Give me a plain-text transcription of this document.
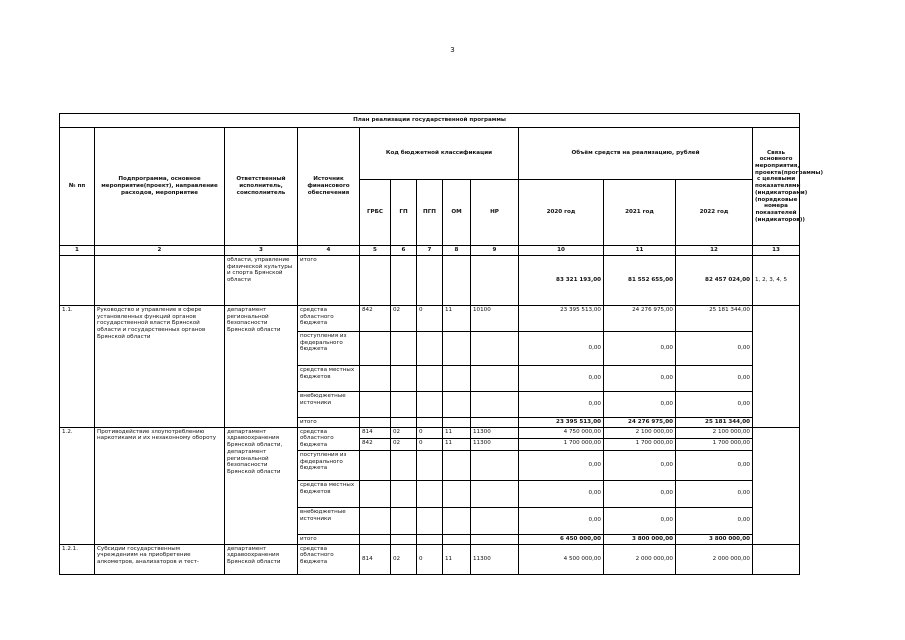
3
План реализации государственной программы												
№ пп	Подпрограмма, основное мероприятие(проект), направление расходов, мероприятие	Ответственный исполнитель, соисполнитель	Источник финансового обеспечения	Код бюджетной классификации					Объём средств на реализацию, рублей			Связь основного мероприятия, проекта(программы) с целевыми показателями (индикаторами) (порядковые номера показателей (индикаторов))
				ГРБС	ГП	ПГП	ОМ	НР	2020 год	2021 год	2022 год	
1	2	3	4	5	6	7	8	9	10	11	12	13
		области, управление физической культуры и спорта Брянской области	итого						83 321 193,00	81 552 655,00	82 457 024,00	1, 2, 3, 4, 5
1.1.	Руководство и управление в сфере установленных функций органов государственной власти Брянской области и государственных органов Брянской области	департамент региональной безопасности Брянской области	средства областного бюджета	842	02	0	11	10100	23 395 513,00	24 276 975,00	25 181 344,00	
			поступления из федерального бюджета						0,00	0,00	0,00	
			средства местных бюджетов						0,00	0,00	0,00	
			внебюджетные источники						0,00	0,00	0,00	
			итого						23 395 513,00	24 276 975,00	25 181 344,00	
1.2.	Противодействие злоупотреблению наркотиками и их незаконному обороту	департамент здравоохранения Брянской области, департамент региональной безопасности Брянской области	средства областного бюджета	814	02	0	11	11300	4 750 000,00	2 100 000,00	2 100 000,00	
				842	02	0	11	11300	1 700 000,00	1 700 000,00	1 700 000,00	
			поступления из федерального бюджета						0,00	0,00	0,00	
			средства местных бюджетов						0,00	0,00	0,00	
			внебюджетные источники						0,00	0,00	0,00	
			итого						6 450 000,00	3 800 000,00	3 800 000,00	
1.2.1.	Субсидии государственным учреждениям на приобретение алкометров, анализаторов и тест-	департамент здравоохранения Брянской области	средства областного бюджета	814	02	0	11	11300	4 500 000,00	2 000 000,00	2 000 000,00	
